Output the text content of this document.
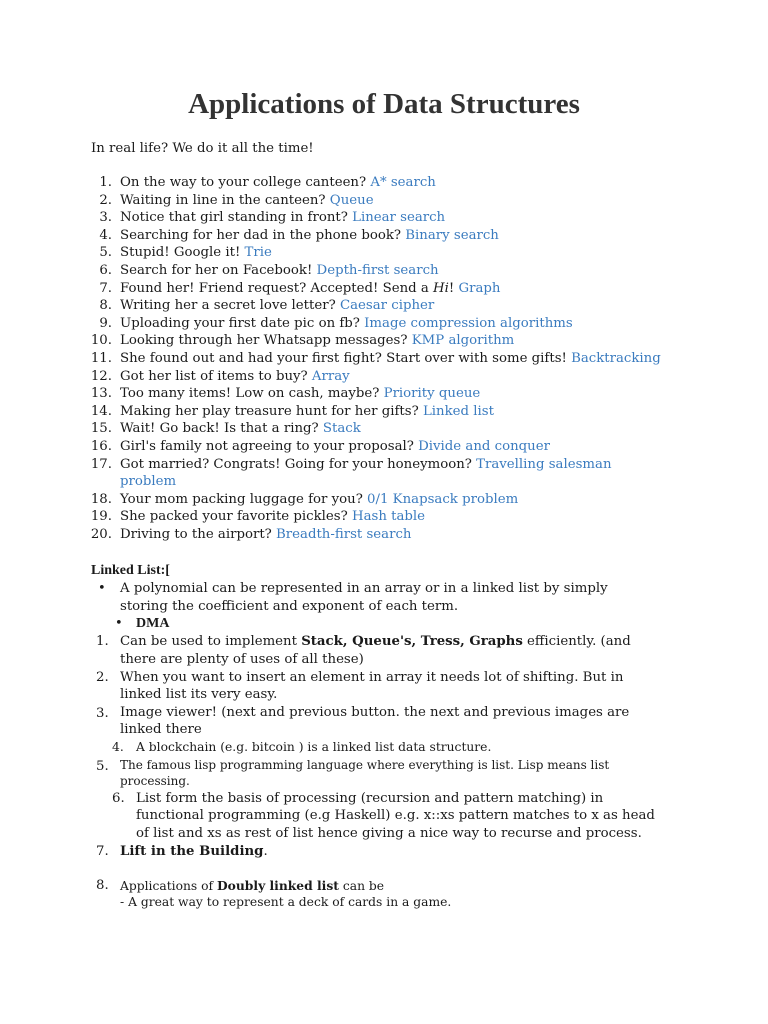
Applications of Data Structures
In real life? We do it all the time!
1. On the way to your college canteen? A* search
2. Waiting in line in the canteen? Queue
3. Notice that girl standing in front? Linear search
4. Searching for her dad in the phone book? Binary search
5. Stupid! Google it! Trie
6. Search for her on Facebook! Depth-first search
7. Found her! Friend request? Accepted! Send a Hi! Graph
8. Writing her a secret love letter? Caesar cipher
9. Uploading your first date pic on fb? Image compression algorithms
10. Looking through her Whatsapp messages? KMP algorithm
11. She found out and had your first fight? Start over with some gifts! Backtracking
12. Got her list of items to buy? Array
13. Too many items! Low on cash, maybe? Priority queue
14. Making her play treasure hunt for her gifts? Linked list
15. Wait! Go back! Is that a ring? Stack
16. Girl's family not agreeing to your proposal? Divide and conquer
17. Got married? Congrats! Going for your honeymoon? Travelling salesman
problem
18. Your mom packing luggage for you? 0/1 Knapsack problem
19. She packed your favorite pickles? Hash table
20. Driving to the airport? Breadth-first search
Linked List:[
• A polynomial can be represented in an array or in a linked list by simply
storing the coefficient and exponent of each term.
• DMA
1. Can be used to implement Stack, Queue's, Tress, Graphs efficiently. (and
there are plenty of uses of all these)
2. When you want to insert an element in array it needs lot of shifting. But in
linked list its very easy.
3. Image viewer! (next and previous button. the next and previous images are
linked there
4. A blockchain (e.g. bitcoin ) is a linked list data structure.
5. The famous lisp programming language where everything is list. Lisp means list
processing.
6. List form the basis of processing (recursion and pattern matching) in
functional programming (e.g Haskell) e.g. x::xs pattern matches to x as head
of list and xs as rest of list hence giving a nice way to recurse and process.
7. Lift in the Building.
8. Applications of Doubly linked list can be
- A great way to represent a deck of cards in a game.
